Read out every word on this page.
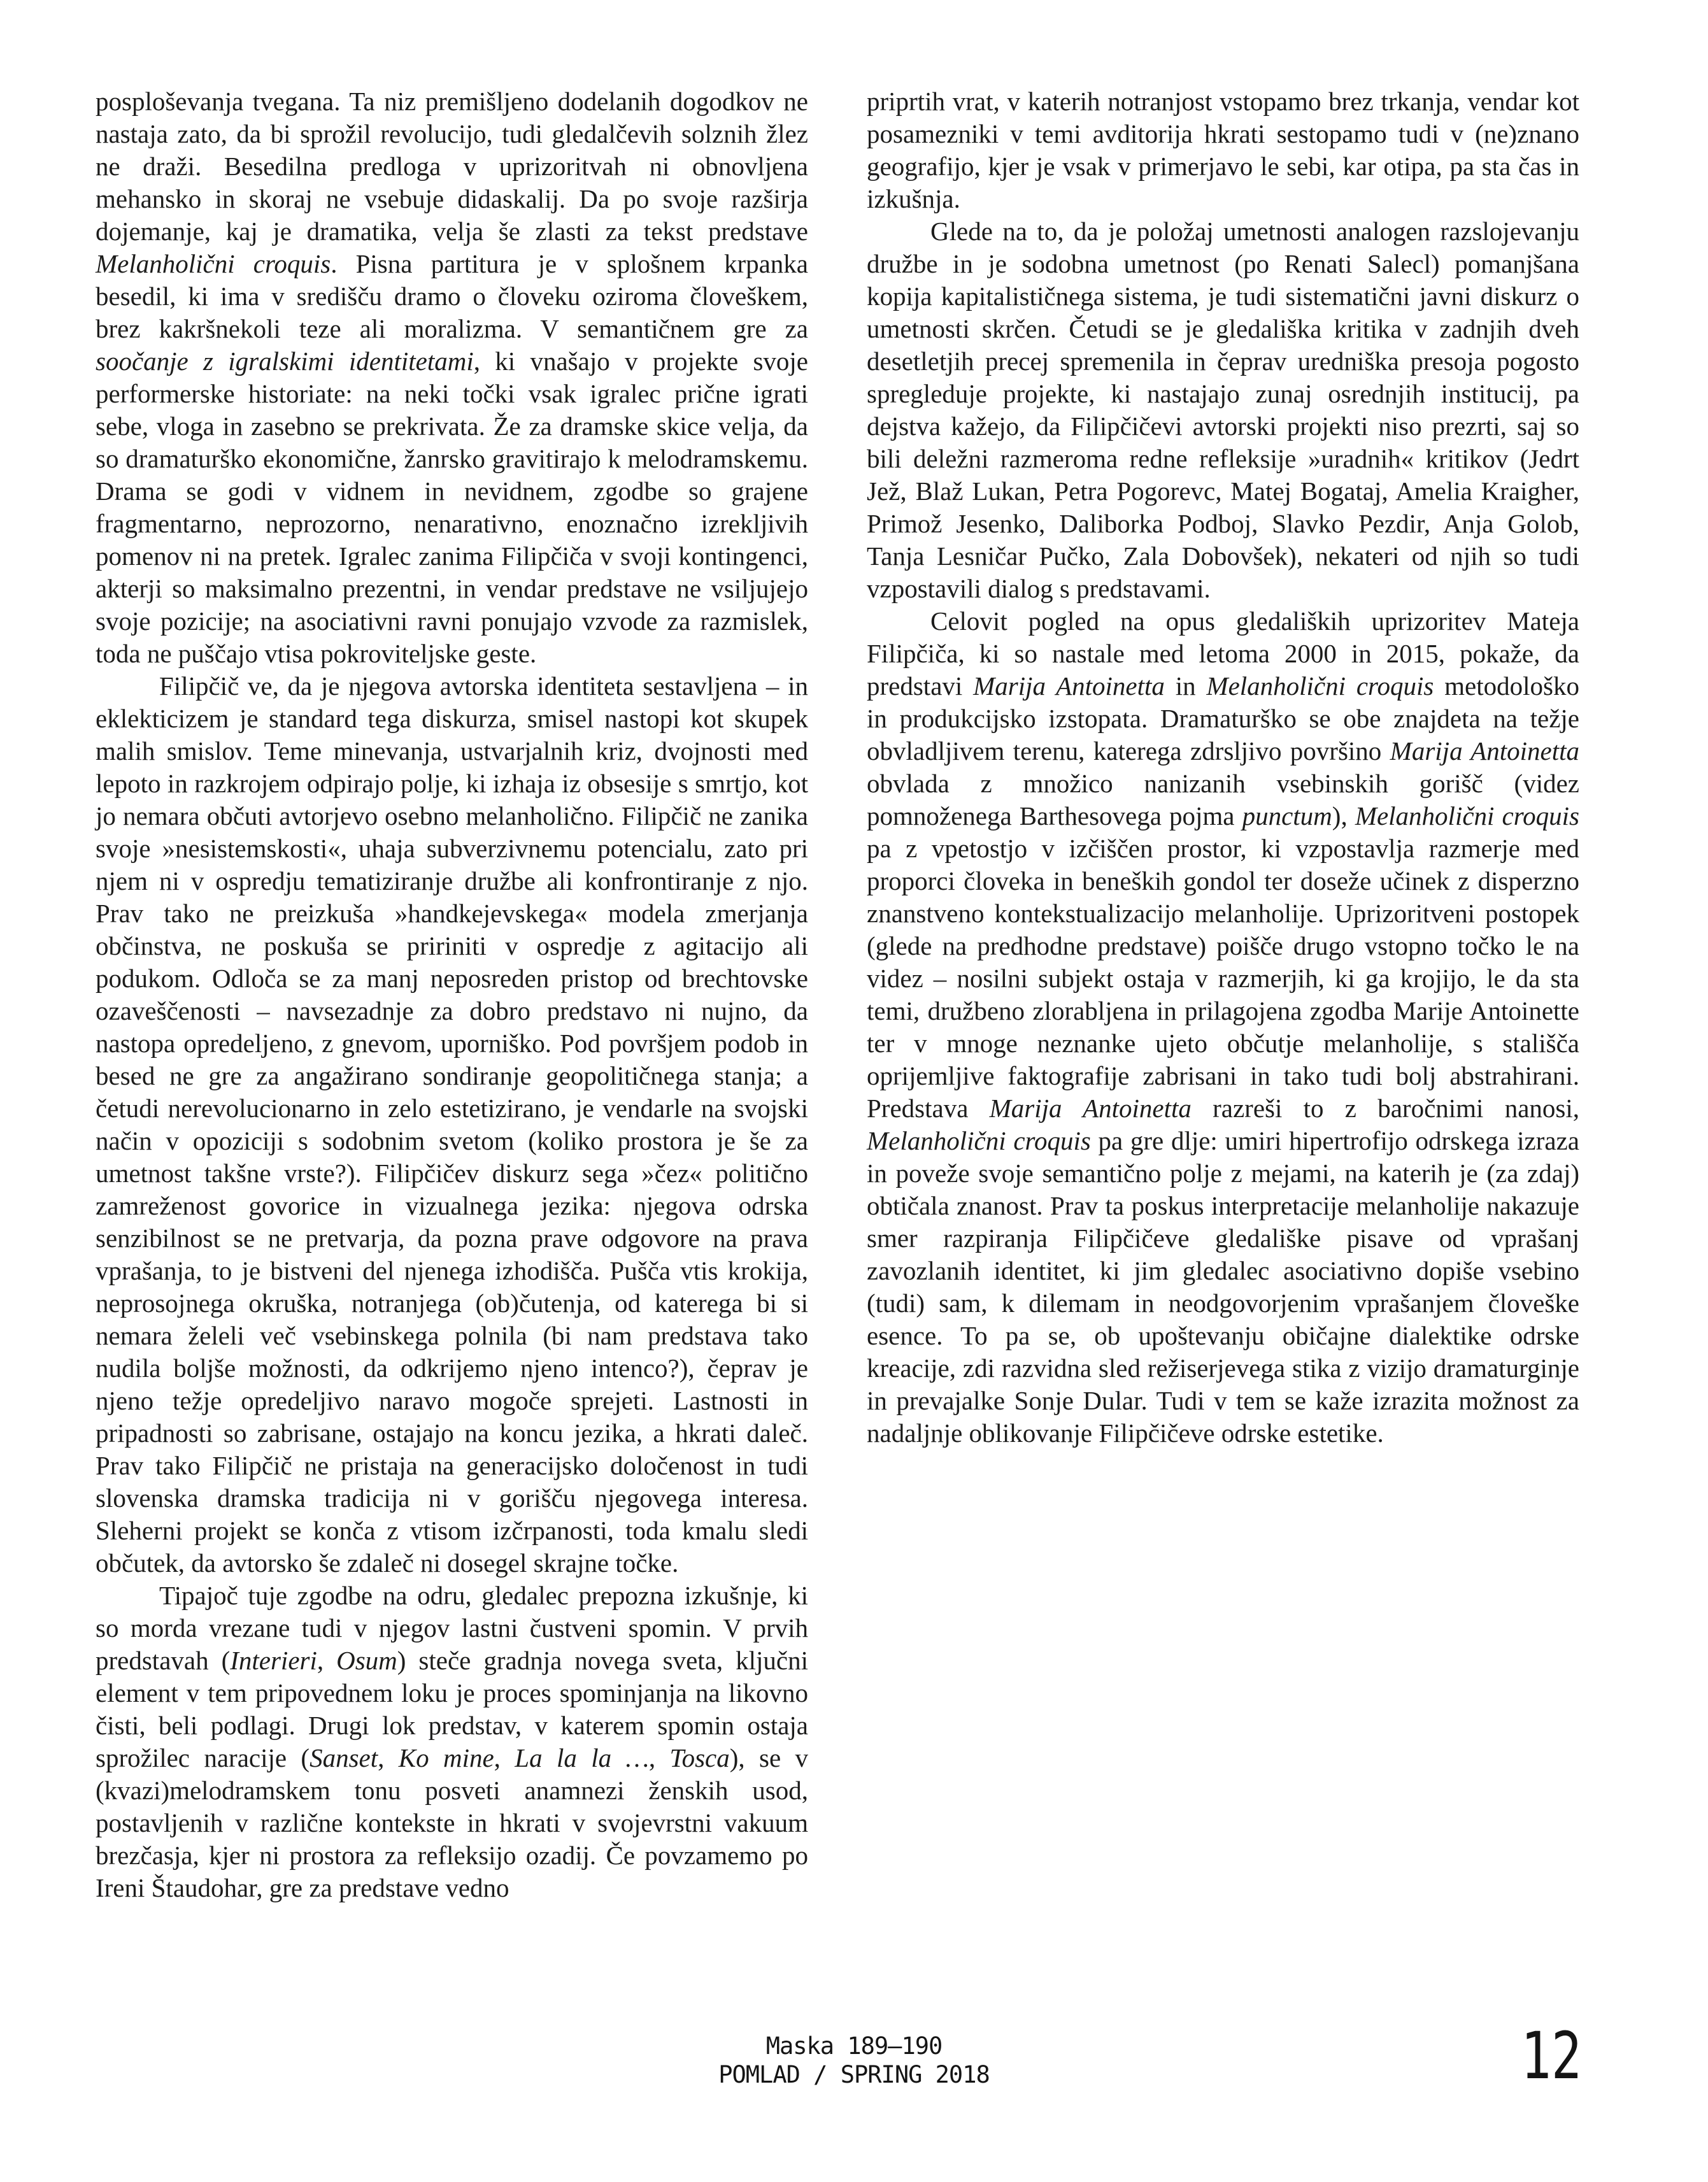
posploševanja tvegana. Ta niz premišljeno dodelanih dogodkov ne nastaja zato, da bi sprožil revolucijo, tudi gledalčevih solznih žlez ne draži. Besedilna predloga v uprizoritvah ni obnovljena mehansko in skoraj ne vsebuje didaskalij. Da po svoje razširja dojemanje, kaj je dramatika, velja še zlasti za tekst predstave Melanholični croquis. Pisna partitura je v splošnem krpanka besedil, ki ima v središču dramo o človeku oziroma človeškem, brez kakršnekoli teze ali moralizma. V semantičnem gre za soočanje z igralskimi identitetami, ki vnašajo v projekte svoje performerske historiate: na neki točki vsak igralec prične igrati sebe, vloga in zasebno se prekrivata. Že za dramske skice velja, da so dramaturško ekonomične, žanrsko gravitirajo k melodramskemu. Drama se godi v vidnem in nevidnem, zgodbe so grajene fragmentarno, neprozorno, nenarativno, enoznačno izrekljivih pomenov ni na pretek. Igralec zanima Filipčiča v svoji kontingenci, akterji so maksimalno prezentni, in vendar predstave ne vsiljujejo svoje pozicije; na asociativni ravni ponujajo vzvode za razmislek, toda ne puščajo vtisa pokroviteljske geste.

Filipčič ve, da je njegova avtorska identiteta sestavljena – in eklekticizem je standard tega diskurza, smisel nastopi kot skupek malih smislov. Teme minevanja, ustvarjalnih kriz, dvojnosti med lepoto in razkrojem odpirajo polje, ki izhaja iz obsesije s smrtjo, kot jo nemara občuti avtorjevo osebno melanholično. Filipčič ne zanika svoje »nesistemskosti«, uhaja subverzivnemu potencialu, zato pri njem ni v ospredju tematiziranje družbe ali konfrontiranje z njo. Prav tako ne preizkuša »handkejevskega« modela zmerjanja občinstva, ne poskuša se pririniti v ospredje z agitacijo ali podukom. Odloča se za manj neposreden pristop od brechtovske ozaveščenosti – navsezadnje za dobro predstavo ni nujno, da nastopa opredeljeno, z gnevom, uporniško. Pod površjem podob in besed ne gre za angažirano sondiranje geopolitičnega stanja; a četudi nerevolucionarno in zelo estetizirano, je vendarle na svojski način v opoziciji s sodobnim svetom (koliko prostora je še za umetnost takšne vrste?). Filipčičev diskurz sega »čez« politično zamreženost govorice in vizualnega jezika: njegova odrska senzibilnost se ne pretvarja, da pozna prave odgovore na prava vprašanja, to je bistveni del njenega izhodišča. Pušča vtis krokija, neprosojnega okruška, notranjega (ob)čutenja, od katerega bi si nemara želeli več vsebinskega polnila (bi nam predstava tako nudila boljše možnosti, da odkrijemo njeno intenco?), čeprav je njeno težje opredeljivo naravo mogoče sprejeti. Lastnosti in pripadnosti so zabrisane, ostajajo na koncu jezika, a hkrati daleč. Prav tako Filipčič ne pristaja na generacijsko določenost in tudi slovenska dramska tradicija ni v gorišču njegovega interesa. Sleherni projekt se konča z vtisom izčrpanosti, toda kmalu sledi občutek, da avtorsko še zdaleč ni dosegel skrajne točke.

Tipajoč tuje zgodbe na odru, gledalec prepozna izkušnje, ki so morda vrezane tudi v njegov lastni čustveni spomin. V prvih predstavah (Interieri, Osum) steče gradnja novega sveta, ključni element v tem pripovednem loku je proces spominjanja na likovno čisti, beli podlagi. Drugi lok predstav, v katerem spomin ostaja sprožilec naracije (Sanset, Ko mine, La la la …, Tosca), se v (kvazi)melodramskem tonu posveti anamnezi ženskih usod, postavljenih v različne kontekste in hkrati v svojevrstni vakuum brezčasja, kjer ni prostora za refleksijo ozadij. Če povzamemo po Ireni Štaudohar, gre za predstave vedno

priprtih vrat, v katerih notranjost vstopamo brez trkanja, vendar kot posamezniki v temi avditorija hkrati sestopamo tudi v (ne)znano geografijo, kjer je vsak v primerjavo le sebi, kar otipa, pa sta čas in izkušnja.

Glede na to, da je položaj umetnosti analogen razslojevanju družbe in je sodobna umetnost (po Renati Salecl) pomanjšana kopija kapitalističnega sistema, je tudi sistematični javni diskurz o umetnosti skrčen. Četudi se je gledališka kritika v zadnjih dveh desetletjih precej spremenila in čeprav uredniška presoja pogosto spregleduje projekte, ki nastajajo zunaj osrednjih institucij, pa dejstva kažejo, da Filipčičevi avtorski projekti niso prezrti, saj so bili deležni razmeroma redne refleksije »uradnih« kritikov (Jedrt Jež, Blaž Lukan, Petra Pogorevc, Matej Bogataj, Amelia Kraigher, Primož Jesenko, Daliborka Podboj, Slavko Pezdir, Anja Golob, Tanja Lesničar Pučko, Zala Dobovšek), nekateri od njih so tudi vzpostavili dialog s predstavami.

Celovit pogled na opus gledaliških uprizoritev Mateja Filipčiča, ki so nastale med letoma 2000 in 2015, pokaže, da predstavi Marija Antoinetta in Melanholični croquis metodološko in produkcijsko izstopata. Dramaturško se obe znajdeta na težje obvladljivem terenu, katerega zdrsljivo površino Marija Antoinetta obvlada z množico nanizanih vsebinskih gorišč (videz pomnoženega Barthesovega pojma punctum), Melanholični croquis pa z vpetostjo v izčiščen prostor, ki vzpostavlja razmerje med proporci človeka in beneških gondol ter doseže učinek z disperzno znanstveno kontekstualizacijo melanholije. Uprizoritveni postopek (glede na predhodne predstave) poišče drugo vstopno točko le na videz – nosilni subjekt ostaja v razmerjih, ki ga krojijo, le da sta temi, družbeno zlorabljena in prilagojena zgodba Marije Antoinette ter v mnoge neznanke ujeto občutje melanholije, s stališča oprijemljive faktografije zabrisani in tako tudi bolj abstrahirani. Predstava Marija Antoinetta razreši to z baročnimi nanosi, Melanholični croquis pa gre dlje: umiri hipertrofijo odrskega izraza in poveže svoje semantično polje z mejami, na katerih je (za zdaj) obtičala znanost. Prav ta poskus interpretacije melanholije nakazuje smer razpiranja Filipčičeve gledališke pisave od vprašanj zavozlanih identitet, ki jim gledalec asociativno dopiše vsebino (tudi) sam, k dilemam in neodgovorjenim vprašanjem človeške esence. To pa se, ob upoštevanju običajne dialektike odrske kreacije, zdi razvidna sled režiserjevega stika z vizijo dramaturginje in prevajalke Sonje Dular. Tudi v tem se kaže izrazita možnost za nadaljnje oblikovanje Filipčičeve odrske estetike.

Maska 189–190
POMLAD / SPRING 2018	12
